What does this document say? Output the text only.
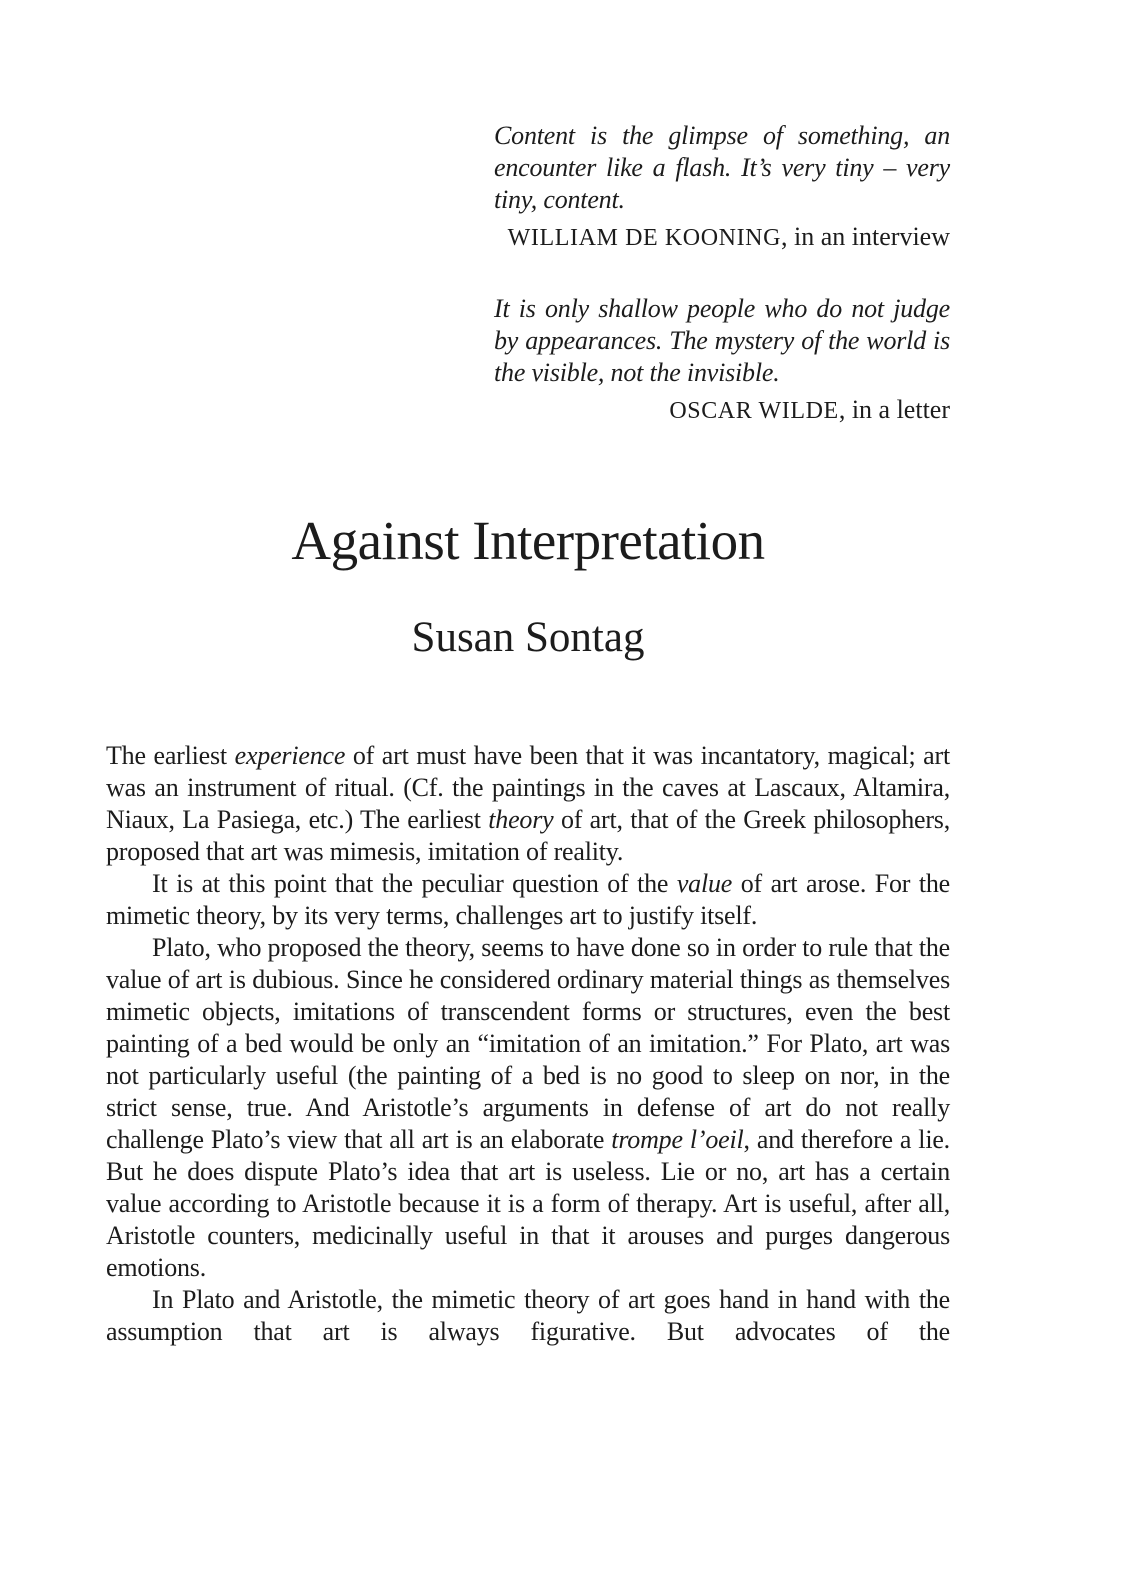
Content is the glimpse of something, an encounter like a flash. It’s very tiny – very tiny, content.
WILLIAM DE KOONING, in an interview
It is only shallow people who do not judge by appearances. The mystery of the world is the visible, not the invisible.
OSCAR WILDE, in a letter
Against Interpretation
Susan Sontag

The earliest experience of art must have been that it was incantatory, magical; art was an instrument of ritual. (Cf. the paintings in the caves at Lascaux, Altamira, Niaux, La Pasiega, etc.) The earliest theory of art, that of the Greek philosophers, proposed that art was mimesis, imitation of reality.

It is at this point that the peculiar question of the value of art arose. For the mimetic theory, by its very terms, challenges art to justify itself.

Plato, who proposed the theory, seems to have done so in order to rule that the value of art is dubious. Since he considered ordinary material things as themselves mimetic objects, imitations of transcendent forms or structures, even the best painting of a bed would be only an “imitation of an imitation.” For Plato, art was not particularly useful (the painting of a bed is no good to sleep on nor, in the strict sense, true. And Aristotle’s arguments in defense of art do not really challenge Plato’s view that all art is an elaborate trompe l’oeil, and therefore a lie. But he does dispute Plato’s idea that art is useless. Lie or no, art has a certain value according to Aristotle because it is a form of therapy. Art is useful, after all, Aristotle counters, medicinally useful in that it arouses and purges dangerous emotions.

In Plato and Aristotle, the mimetic theory of art goes hand in hand with the assumption that art is always figurative. But advocates of the
